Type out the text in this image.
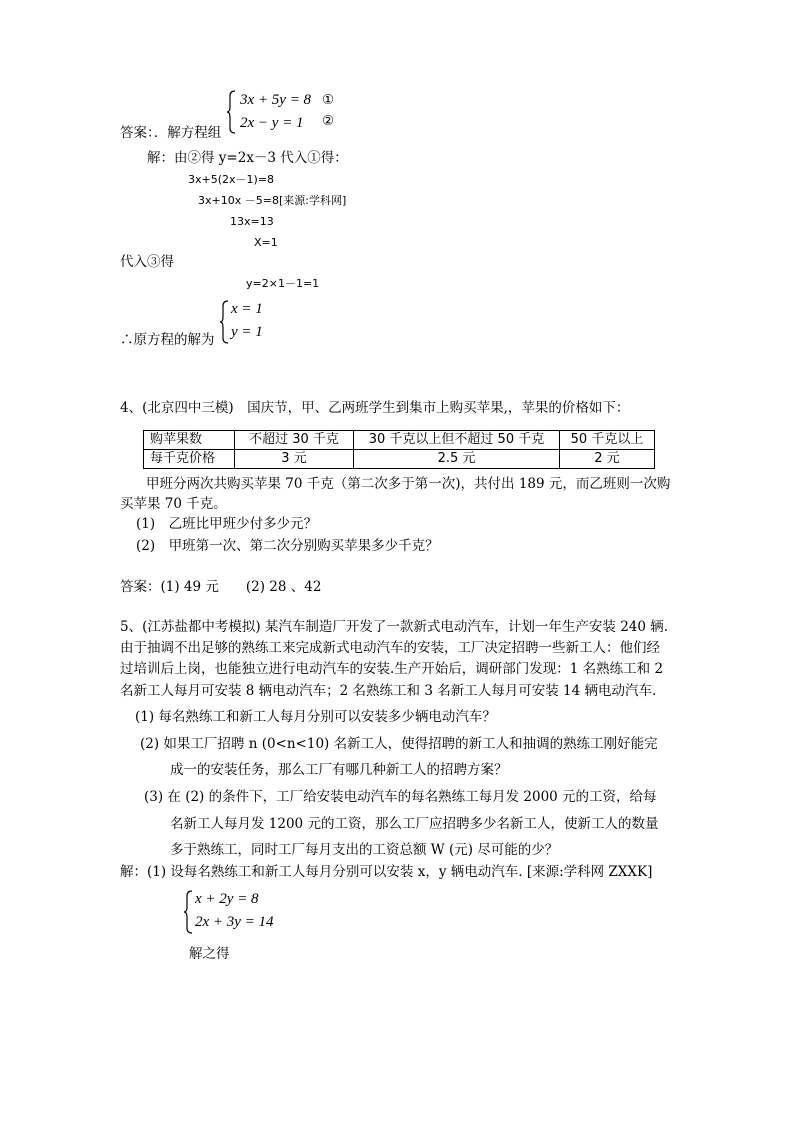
3x + 5y = 8 ①
2x − y = 1 ②
答案：．解方程组
解：由②得 y=2x－3 代入①得：
3x+5(2x－1)=8
3x+10x －5=8[来源:学科网]
13x=13
X=1
代入③得
y=2×1－1=1
x = 1
y = 1
∴原方程的解为
4、(北京四中三模)　国庆节，甲、乙两班学生到集市上购买苹果,，苹果的价格如下：
购苹果数	不超过 30 千克	30 千克以上但不超过 50 千克	50 千克以上
每千克价格	3 元	2.5 元	2 元
甲班分两次共购买苹果 70 千克（第二次多于第一次)，共付出 189 元，而乙班则一次购
买苹果 70 千克。
(1)　乙班比甲班少付多少元？
(2)　甲班第一次、第二次分别购买苹果多少千克？
答案：(1) 49 元　　(2) 28 、42
5、(江苏盐都中考模拟) 某汽车制造厂开发了一款新式电动汽车，计划一年生产安装 240 辆.
由于抽调不出足够的熟练工来完成新式电动汽车的安装，工厂决定招聘一些新工人：他们经
过培训后上岗，也能独立进行电动汽车的安装.生产开始后，调研部门发现：1 名熟练工和 2
名新工人每月可安装 8 辆电动汽车；2 名熟练工和 3 名新工人每月可安装 14 辆电动汽车.
(1) 每名熟练工和新工人每月分别可以安装多少辆电动汽车？
(2) 如果工厂招聘 n (0<n<10) 名新工人，使得招聘的新工人和抽调的熟练工刚好能完
成一的安装任务，那么工厂有哪几种新工人的招聘方案？
(3) 在 (2) 的条件下，工厂给安装电动汽车的每名熟练工每月发 2000 元的工资，给每
名新工人每月发 1200 元的工资，那么工厂应招聘多少名新工人，使新工人的数量
多于熟练工，同时工厂每月支出的工资总额 W (元) 尽可能的少？
解：(1) 设每名熟练工和新工人每月分别可以安装 x，y 辆电动汽车. [来源:学科网 ZXXK]
x + 2y = 8
2x + 3y = 14
解之得
